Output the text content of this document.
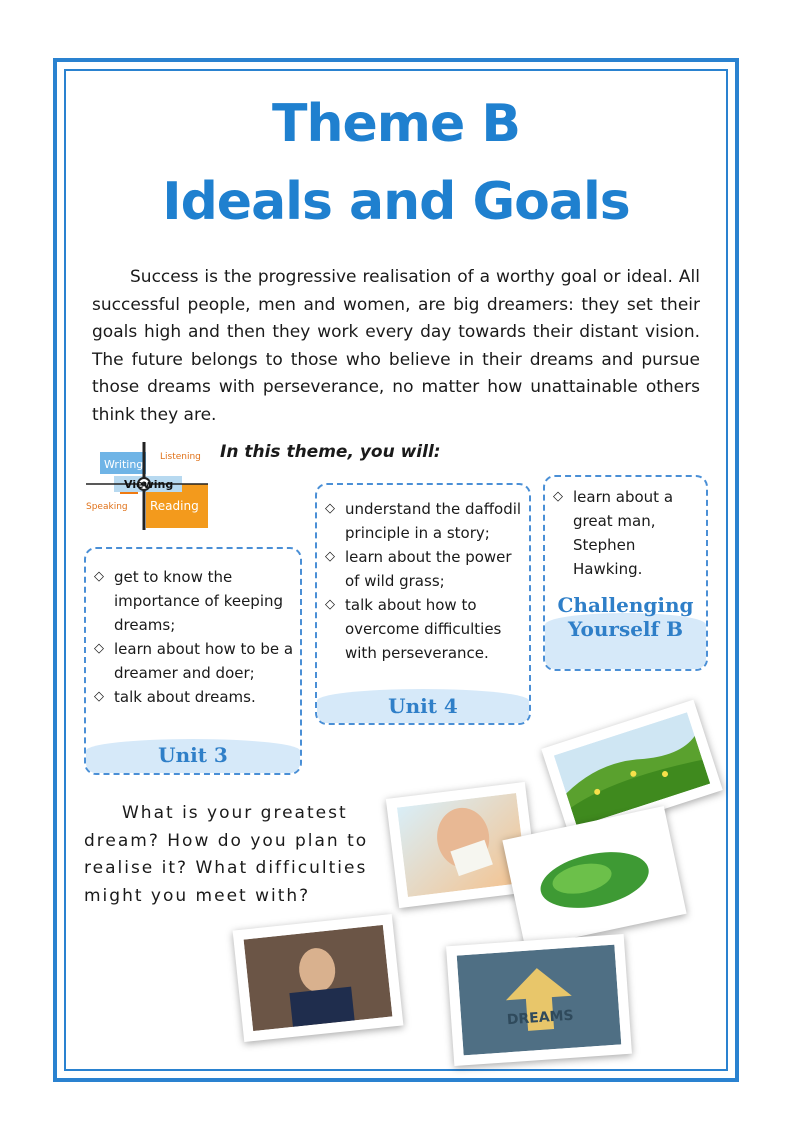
Theme B
Ideals and Goals

Success is the progressive realisation of a worthy goal or ideal. All successful people, men and women, are big dreamers: they set their goals high and then they work every day towards their distant vision. The future belongs to those who believe in their dreams and pursue those dreams with perseverance, no matter how unattainable others think they are.

Writing
Listening
Viewing
Speaking Reading
In this theme, you will:
◇ get to know the importance of keeping dreams;
◇ learn about how to be a dreamer and doer;
◇ talk about dreams.
Unit 3
◇ understand the daffodil principle in a story;
◇ learn about the power of wild grass;
◇ talk about how to overcome difficulties with perseverance.
Unit 4
◇ learn about a great man, Stephen Hawking.
Challenging
Yourself B

What is your greatest dream? How do you plan to realise it? What difficulties might you meet with?

DREAMS
